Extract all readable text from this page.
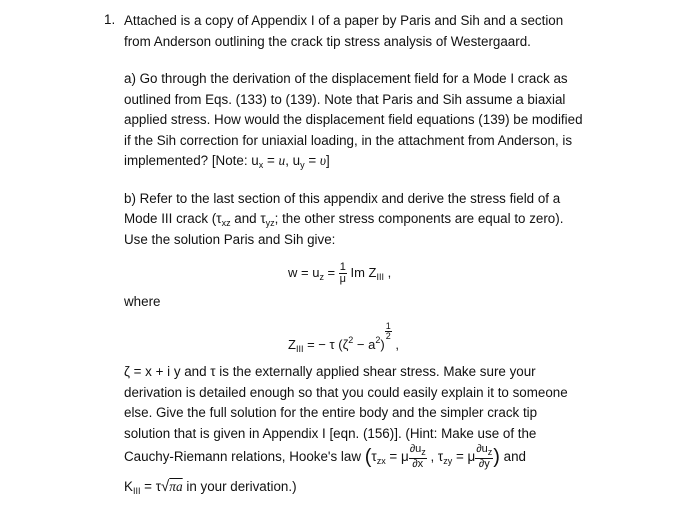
1. Attached is a copy of Appendix I of a paper by Paris and Sih and a section
from Anderson outlining the crack tip stress analysis of Westergaard.
a) Go through the derivation of the displacement field for a Mode I crack as
outlined from Eqs. (133) to (139). Note that Paris and Sih assume a biaxial
applied stress. How would the displacement field equations (139) be modified
if the Sih correction for uniaxial loading, in the attachment from Anderson, is
implemented? [Note: $u_x = u$, $u_y = \upsilon$]
b) Refer to the last section of this appendix and derive the stress field of a
Mode III crack ($\tau_{xz}$ and $\tau_{yz}$; the other stress components are equal to zero).
Use the solution Paris and Sih give:
$w = u_z = \frac{1}{\mu}$ Im $Z_{III}$ ,
where
$Z_{III}$ = − τ $(\zeta^2 - a^2)$
$\frac{1}{2}$
,
ζ = x + i y and τ is the externally applied shear stress. Make sure your
derivation is detailed enough so that you could easily explain it to someone
else. Give the full solution for the entire body and the simpler crack tip
solution that is given in Appendix I [eqn. (156)]. (Hint: Make use of the
Cauchy-Riemann relations, Hooke's law ($\tau_{zx} = \mu \frac{\partial u_z}{\partial x}$ , $\tau_{zy} = \mu \frac{\partial u_z}{\partial y}$ ) and
$K_{III} = \tau√\pi a$ in your derivation.)
